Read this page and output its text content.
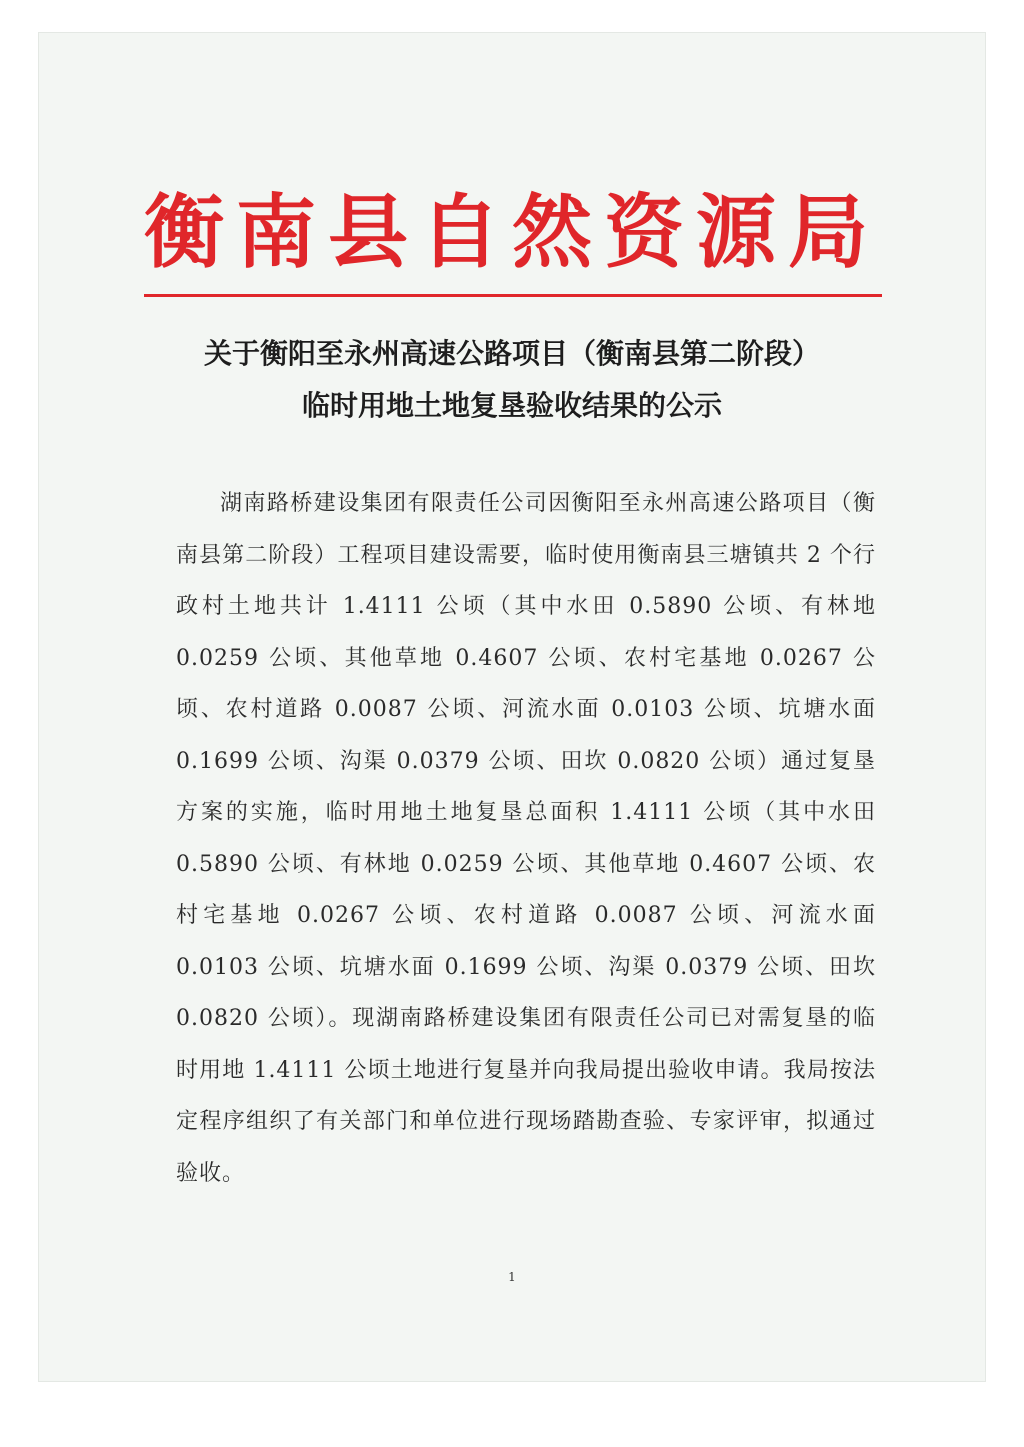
衡南县自然资源局
关于衡阳至永州高速公路项目（衡南县第二阶段）
临时用地土地复垦验收结果的公示

湖南路桥建设集团有限责任公司因衡阳至永州高速公路项目（衡南县第二阶段）工程项目建设需要，临时使用衡南县三塘镇共 2 个行政村土地共计 1.4111 公顷（其中水田 0.5890 公顷、有林地 0.0259 公顷、其他草地 0.4607 公顷、农村宅基地 0.0267 公顷、农村道路 0.0087 公顷、河流水面 0.0103 公顷、坑塘水面 0.1699 公顷、沟渠 0.0379 公顷、田坎 0.0820 公顷）通过复垦方案的实施，临时用地土地复垦总面积 1.4111 公顷（其中水田 0.5890 公顷、有林地 0.0259 公顷、其他草地 0.4607 公顷、农村宅基地 0.0267 公顷、农村道路 0.0087 公顷、河流水面 0.0103 公顷、坑塘水面 0.1699 公顷、沟渠 0.0379 公顷、田坎 0.0820 公顷）。现湖南路桥建设集团有限责任公司已对需复垦的临时用地 1.4111 公顷土地进行复垦并向我局提出验收申请。我局按法定程序组织了有关部门和单位进行现场踏勘查验、专家评审，拟通过验收。

1
